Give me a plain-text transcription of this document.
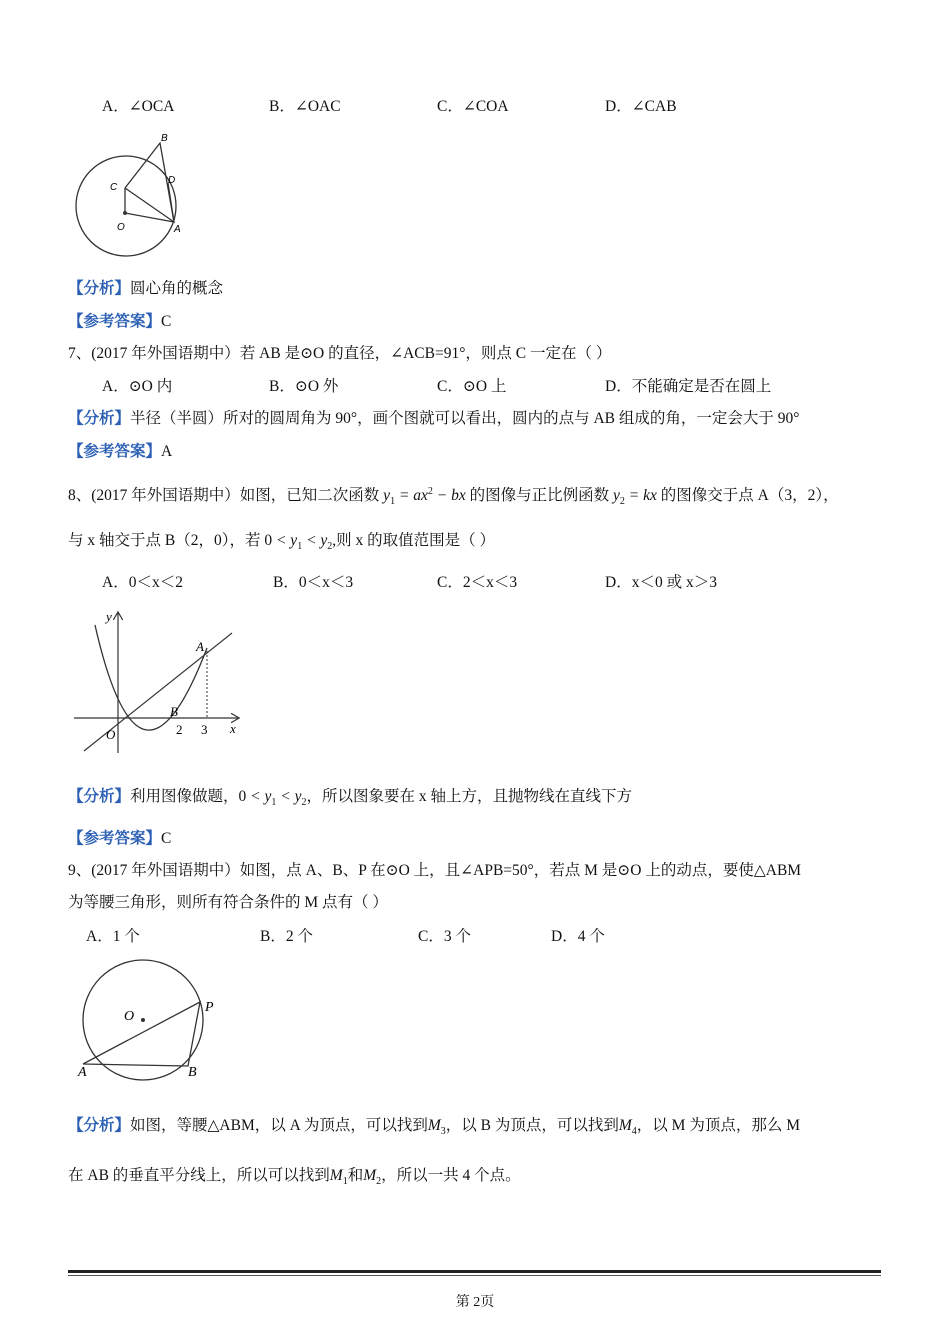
A．∠OCA	B．∠OAC	C．∠COA	D．∠CAB
B
C
D
O	A
【分析】圆心角的概念
【参考答案】C
7、(2017 年外国语期中）若 AB 是⊙O 的直径，∠ACB=91°，则点 C 一定在（ ）
A．⊙O 内	B．⊙O 外	C．⊙O 上	D．不能确定是否在圆上
【分析】半径（半圆）所对的圆周角为 90°，画个图就可以看出，圆内的点与 AB 组成的角，一定会大于 90°
【参考答案】A
8、(2017 年外国语期中）如图，已知二次函数 $y_1 = ax^2$ − bx 的图像与正比例函数 $y_2$ = kx 的图像交于点 A（3，2），
与 x 轴交于点 B（2，0），若 $0 < y_1 < y_2$,则 x 的取值范围是（ ）
A．0＜x＜2	B．0＜x＜3	C．2＜x＜3	D．x＜0 或 x＞3
y
x
O
A
B
2 3
【分析】利用图像做题，$0 < y_1 < y_2$，所以图象要在 x 轴上方，且抛物线在直线下方
【参考答案】C
9、(2017 年外国语期中）如图，点 A、B、P 在⊙O 上，且∠APB=50°，若点 M 是⊙O 上的动点，要使△ABM
为等腰三角形，则所有符合条件的 M 点有（ ）
A．1 个	B．2 个	C．3 个	D．4 个
O
P
A	B
【分析】如图，等腰△ABM，以 A 为顶点，可以找到$M_3$，以 B 为顶点，可以找到$M_4$，以 M 为顶点，那么 M
在 AB 的垂直平分线上，所以可以找到$M_1$和$M_2$，所以一共 4 个点。
第 2页
